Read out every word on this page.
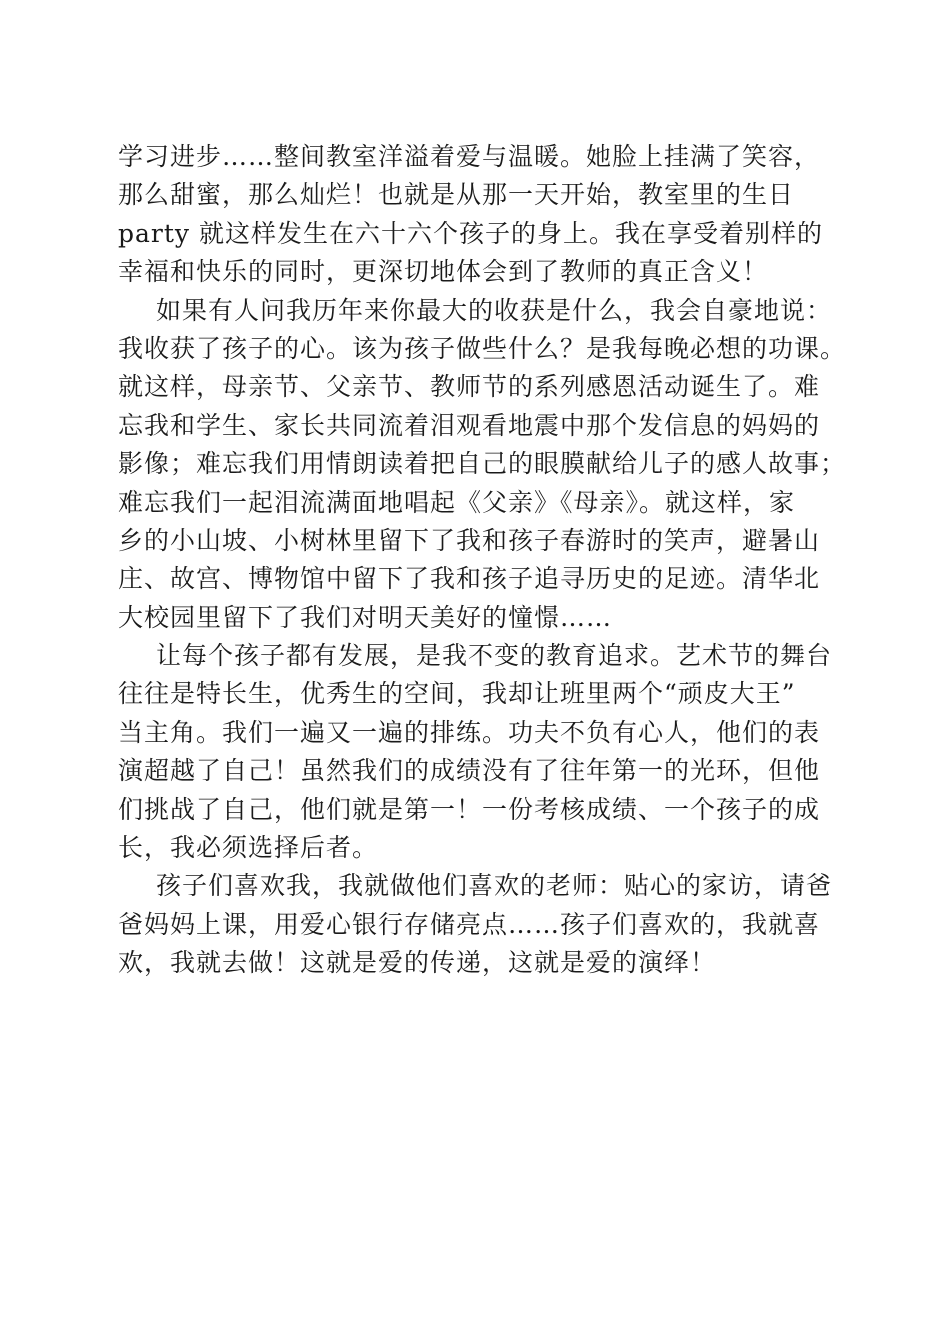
学习进步……整间教室洋溢着爱与温暖。她脸上挂满了笑容，
那么甜蜜，那么灿烂！也就是从那一天开始，教室里的生日
party 就这样发生在六十六个孩子的身上。我在享受着别样的
幸福和快乐的同时，更深切地体会到了教师的真正含义！
如果有人问我历年来你最大的收获是什么，我会自豪地说：
我收获了孩子的心。该为孩子做些什么？是我每晚必想的功课。
就这样，母亲节、父亲节、教师节的系列感恩活动诞生了。难
忘我和学生、家长共同流着泪观看地震中那个发信息的妈妈的
影像；难忘我们用情朗读着把自己的眼膜献给儿子的感人故事；
难忘我们一起泪流满面地唱起《父亲》《母亲》。就这样，家
乡的小山坡、小树林里留下了我和孩子春游时的笑声，避暑山
庄、故宫、博物馆中留下了我和孩子追寻历史的足迹。清华北
大校园里留下了我们对明天美好的憧憬……
让每个孩子都有发展，是我不变的教育追求。艺术节的舞台
往往是特长生，优秀生的空间，我却让班里两个“顽皮大王”
当主角。我们一遍又一遍的排练。功夫不负有心人，他们的表
演超越了自己！虽然我们的成绩没有了往年第一的光环，但他
们挑战了自己，他们就是第一！一份考核成绩、一个孩子的成
长，我必须选择后者。
孩子们喜欢我，我就做他们喜欢的老师：贴心的家访，请爸
爸妈妈上课，用爱心银行存储亮点……孩子们喜欢的，我就喜
欢，我就去做！这就是爱的传递，这就是爱的演绎！
